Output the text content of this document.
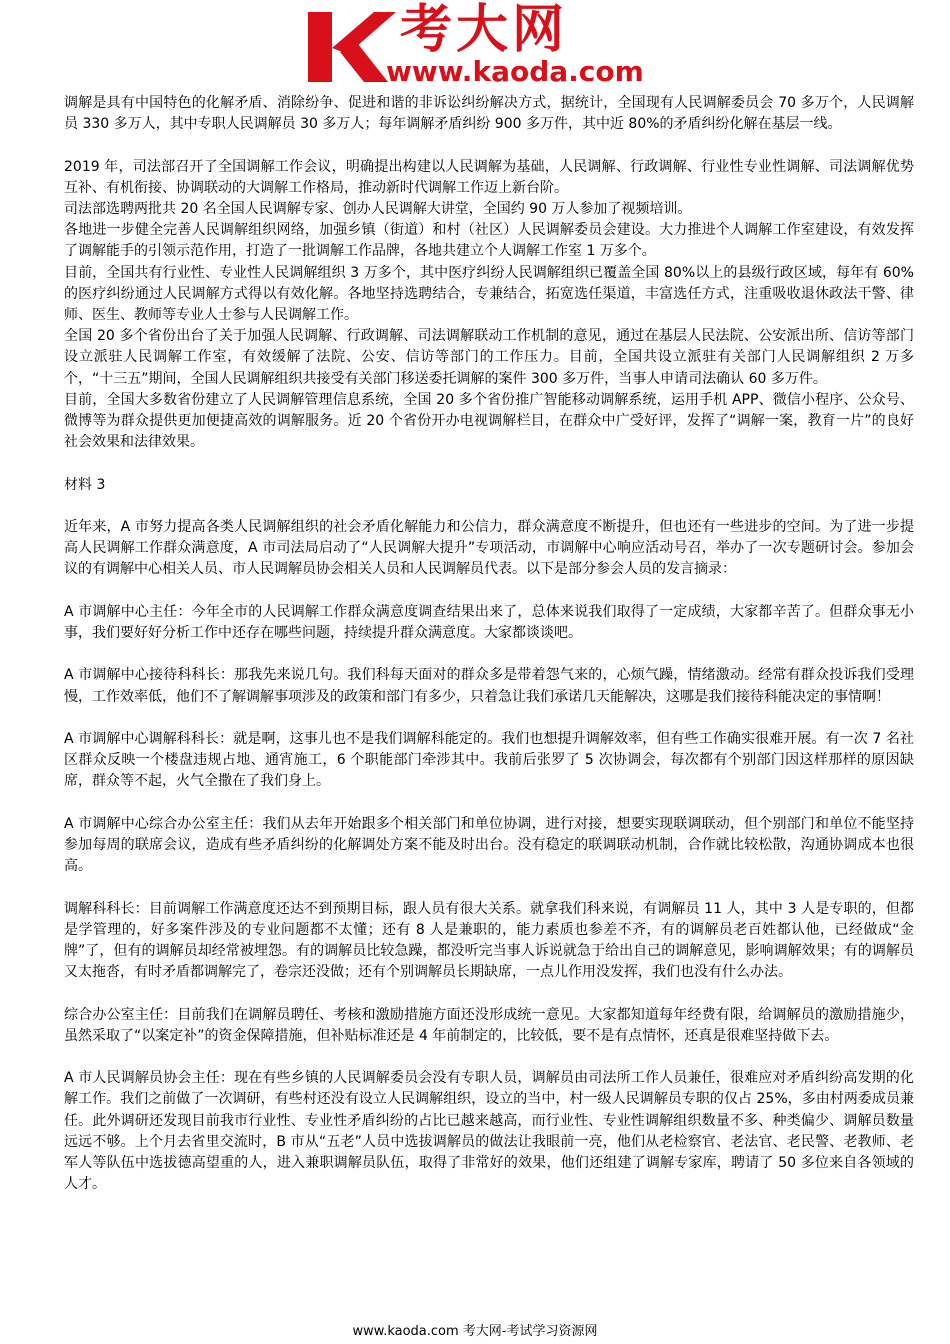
考大网
www.kaoda.com

调解是具有中国特色的化解矛盾、消除纷争、促进和谐的非诉讼纠纷解决方式，据统计，全国现有人民调解委员会 70 多万个，人民调解员 330 多万人，其中专职人民调解员 30 多万人；每年调解矛盾纠纷 900 多万件，其中近 80%的矛盾纠纷化解在基层一线。

2019 年，司法部召开了全国调解工作会议，明确提出构建以人民调解为基础，人民调解、行政调解、行业性专业性调解、司法调解优势互补、有机衔接、协调联动的大调解工作格局，推动新时代调解工作迈上新台阶。

司法部选聘两批共 20 名全国人民调解专家、创办人民调解大讲堂，全国约 90 万人参加了视频培训。

各地进一步健全完善人民调解组织网络，加强乡镇（街道）和村（社区）人民调解委员会建设。大力推进个人调解工作室建设，有效发挥了调解能手的引领示范作用，打造了一批调解工作品牌，各地共建立个人调解工作室 1 万多个。

目前，全国共有行业性、专业性人民调解组织 3 万多个，其中医疗纠纷人民调解组织已覆盖全国 80%以上的县级行政区域，每年有 60%的医疗纠纷通过人民调解方式得以有效化解。各地坚持选聘结合，专兼结合，拓宽选任渠道，丰富选任方式，注重吸收退休政法干警、律师、医生、教师等专业人士参与人民调解工作。

全国 20 多个省份出台了关于加强人民调解、行政调解、司法调解联动工作机制的意见，通过在基层人民法院、公安派出所、信访等部门设立派驻人民调解工作室，有效缓解了法院、公安、信访等部门的工作压力。目前，全国共设立派驻有关部门人民调解组织 2 万多个，“十三五”期间，全国人民调解组织共接受有关部门移送委托调解的案件 300 多万件，当事人申请司法确认 60 多万件。

目前，全国大多数省份建立了人民调解管理信息系统，全国 20 多个省份推广智能移动调解系统，运用手机 APP、微信小程序、公众号、微博等为群众提供更加便捷高效的调解服务。近 20 个省份开办电视调解栏目，在群众中广受好评，发挥了“调解一案，教育一片”的良好社会效果和法律效果。

材料 3

近年来，A 市努力提高各类人民调解组织的社会矛盾化解能力和公信力，群众满意度不断提升，但也还有一些进步的空间。为了进一步提高人民调解工作群众满意度，A 市司法局启动了“人民调解大提升”专项活动，市调解中心响应活动号召，举办了一次专题研讨会。参加会议的有调解中心相关人员、市人民调解员协会相关人员和人民调解员代表。以下是部分参会人员的发言摘录：

A 市调解中心主任：今年全市的人民调解工作群众满意度调查结果出来了，总体来说我们取得了一定成绩，大家都辛苦了。但群众事无小事，我们要好好分析工作中还存在哪些问题，持续提升群众满意度。大家都谈谈吧。

A 市调解中心接待科科长：那我先来说几句。我们科每天面对的群众多是带着怨气来的，心烦气躁，情绪激动。经常有群众投诉我们受理慢，工作效率低，他们不了解调解事项涉及的政策和部门有多少，只着急让我们承诺几天能解决，这哪是我们接待科能决定的事情啊！

A 市调解中心调解科科长：就是啊，这事儿也不是我们调解科能定的。我们也想提升调解效率，但有些工作确实很难开展。有一次 7 名社区群众反映一个楼盘违规占地、通宵施工，6 个职能部门牵涉其中。我前后张罗了 5 次协调会，每次都有个别部门因这样那样的原因缺席，群众等不起，火气全撒在了我们身上。

A 市调解中心综合办公室主任：我们从去年开始跟多个相关部门和单位协调，进行对接，想要实现联调联动，但个别部门和单位不能坚持参加每周的联席会议，造成有些矛盾纠纷的化解调处方案不能及时出台。没有稳定的联调联动机制，合作就比较松散，沟通协调成本也很高。

调解科科长：目前调解工作满意度还达不到预期目标，跟人员有很大关系。就拿我们科来说，有调解员 11 人，其中 3 人是专职的，但都是学管理的，好多案件涉及的专业问题都不太懂；还有 8 人是兼职的，能力素质也参差不齐，有的调解员老百姓都认他，已经做成“金牌”了，但有的调解员却经常被埋怨。有的调解员比较急躁，都没听完当事人诉说就急于给出自己的调解意见，影响调解效果；有的调解员又太拖沓，有时矛盾都调解完了，卷宗还没做；还有个别调解员长期缺席，一点儿作用没发挥，我们也没有什么办法。

综合办公室主任：目前我们在调解员聘任、考核和激励措施方面还没形成统一意见。大家都知道每年经费有限，给调解员的激励措施少，虽然采取了“以案定补”的资金保障措施，但补贴标准还是 4 年前制定的，比较低，要不是有点情怀，还真是很难坚持做下去。

A 市人民调解员协会主任：现在有些乡镇的人民调解委员会没有专职人员，调解员由司法所工作人员兼任，很难应对矛盾纠纷高发期的化解工作。我们之前做了一次调研，有些村还没有设立人民调解组织，设立的当中，村一级人民调解员专职的仅占 25%，多由村两委成员兼任。此外调研还发现目前我市行业性、专业性矛盾纠纷的占比已越来越高，而行业性、专业性调解组织数量不多、种类偏少、调解员数量远远不够。上个月去省里交流时，B 市从“五老”人员中选拔调解员的做法让我眼前一亮，他们从老检察官、老法官、老民警、老教师、老军人等队伍中选拔德高望重的人，进入兼职调解员队伍，取得了非常好的效果，他们还组建了调解专家库，聘请了 50 多位来自各领域的人才。

www.kaoda.com 考大网-考试学习资源网
